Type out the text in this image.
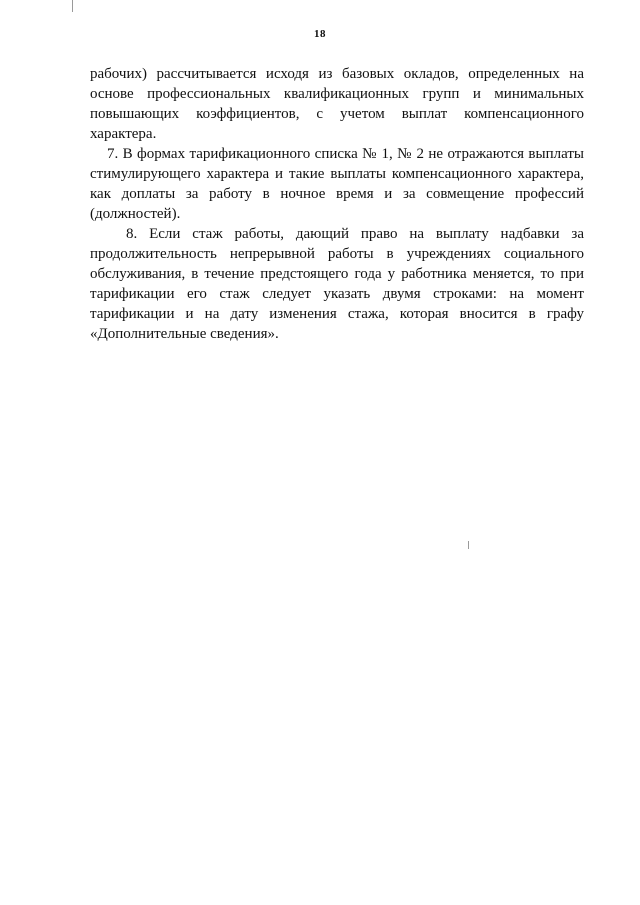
18

рабочих) рассчитывается исходя из базовых окладов, определенных на основе профессиональных квалификационных групп и минимальных повышающих коэффициентов, с учетом выплат компенсационного характера.

7. В формах тарификационного списка № 1, № 2 не отражаются выплаты стимулирующего характера и такие выплаты компенсационного характера, как доплаты за работу в ночное время и за совмещение профессий (должностей).

8. Если стаж работы, дающий право на выплату надбавки за продолжительность непрерывной работы в учреждениях социального обслуживания, в течение предстоящего года у работника меняется, то при тарификации его стаж следует указать двумя строками: на момент тарификации и на дату изменения стажа, которая вносится в графу «Дополнительные сведения».
